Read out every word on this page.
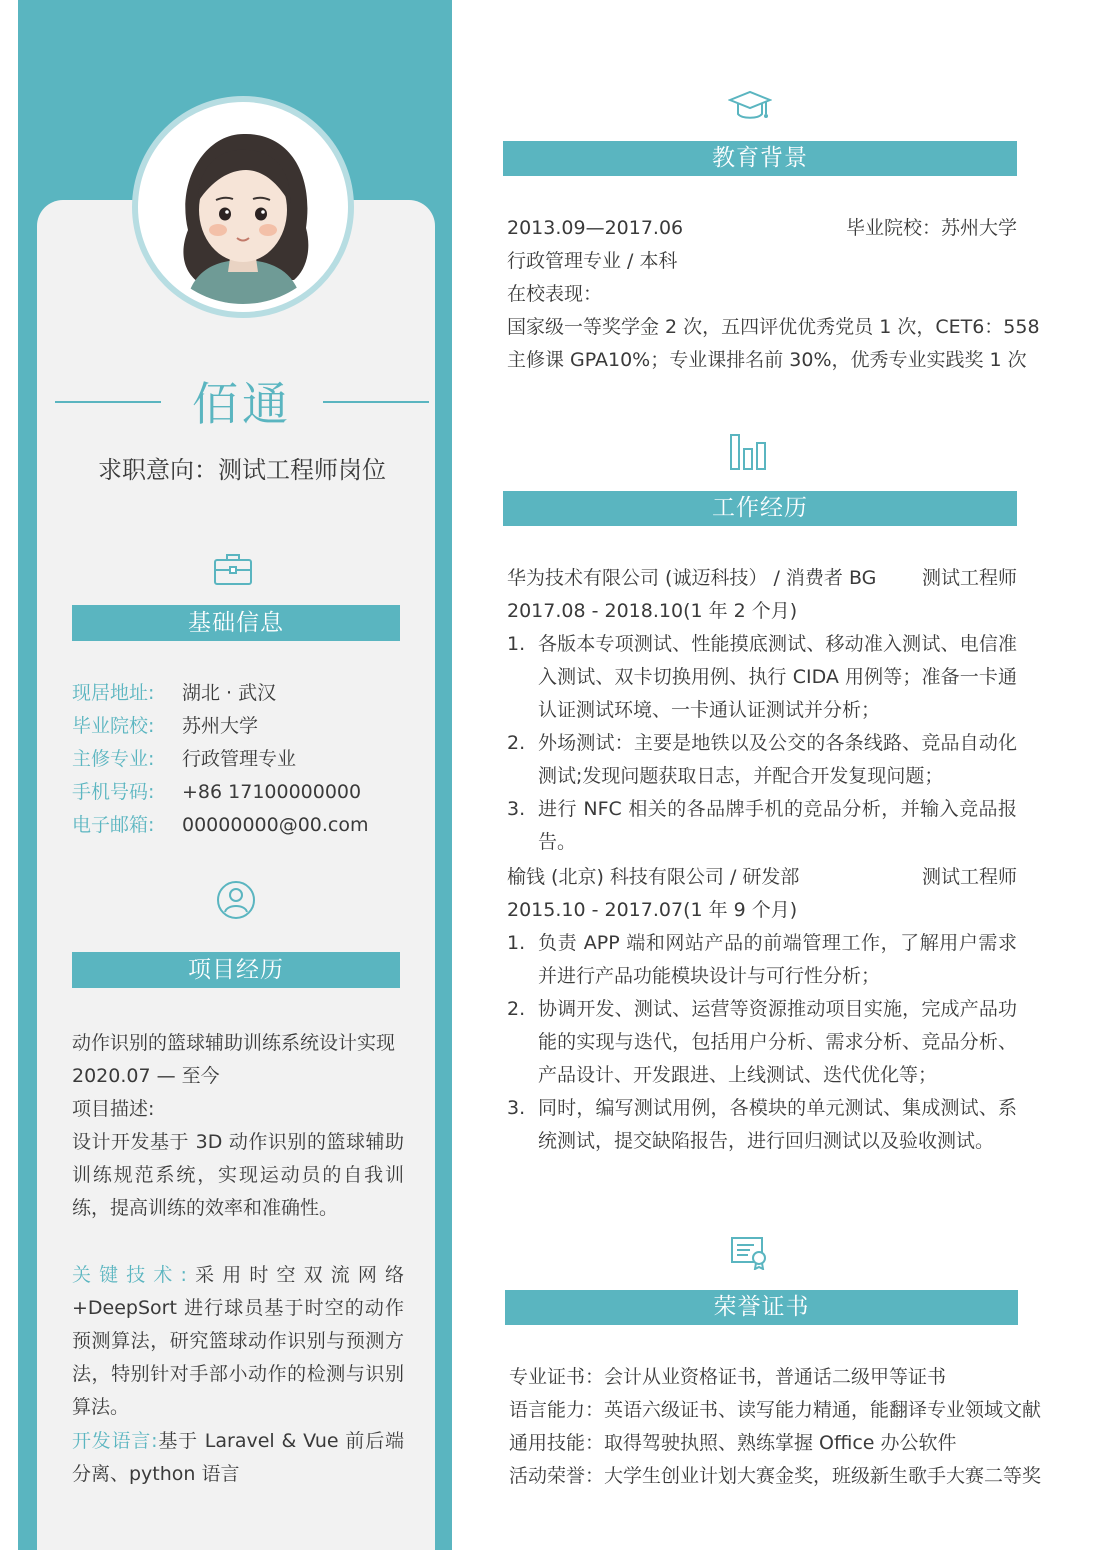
佰通
求职意向：测试工程师岗位
基础信息
现居地址: 湖北 · 武汉
毕业院校: 苏州大学
主修专业: 行政管理专业
手机号码: +86 17100000000
电子邮箱: 00000000@00.com
项目经历
动作识别的篮球辅助训练系统设计实现
2020.07 — 至今
项目描述:
设计开发基于 3D 动作识别的篮球辅助训练规范系统，实现运动员的自我训练，提高训练的效率和准确性。
关键技术:采用时空双流网络+DeepSort 进行球员基于时空的动作预测算法，研究篮球动作识别与预测方法，特别针对手部小动作的检测与识别算法。
开发语言:基于 Laravel & Vue 前后端分离、python 语言
教育背景
2013.09—2017.06	毕业院校：苏州大学
行政管理专业 / 本科
在校表现：
国家级一等奖学金 2 次，五四评优优秀党员 1 次，CET6：558
主修课 GPA10%；专业课排名前 30%，优秀专业实践奖 1 次
工作经历
华为技术有限公司 (诚迈科技） / 消费者 BG 测试工程师
2017.08 - 2018.10(1 年 2 个月)
1. 各版本专项测试、性能摸底测试、移动准入测试、电信准入测试、双卡切换用例、执行 CIDA 用例等；准备一卡通认证测试环境、一卡通认证测试并分析；
2. 外场测试：主要是地铁以及公交的各条线路、竞品自动化测试;发现问题获取日志，并配合开发复现问题；
3. 进行 NFC 相关的各品牌手机的竞品分析，并输入竞品报告。
榆钱 (北京) 科技有限公司 / 研发部	测试工程师
2015.10 - 2017.07(1 年 9 个月)
1. 负责 APP 端和网站产品的前端管理工作，了解用户需求并进行产品功能模块设计与可行性分析；
2. 协调开发、测试、运营等资源推动项目实施，完成产品功能的实现与迭代，包括用户分析、需求分析、竞品分析、产品设计、开发跟进、上线测试、迭代优化等；
3. 同时，编写测试用例，各模块的单元测试、集成测试、系统测试，提交缺陷报告，进行回归测试以及验收测试。
荣誉证书
专业证书：会计从业资格证书，普通话二级甲等证书
语言能力：英语六级证书、读写能力精通，能翻译专业领域文献
通用技能：取得驾驶执照、熟练掌握 Office 办公软件
活动荣誉：大学生创业计划大赛金奖，班级新生歌手大赛二等奖
